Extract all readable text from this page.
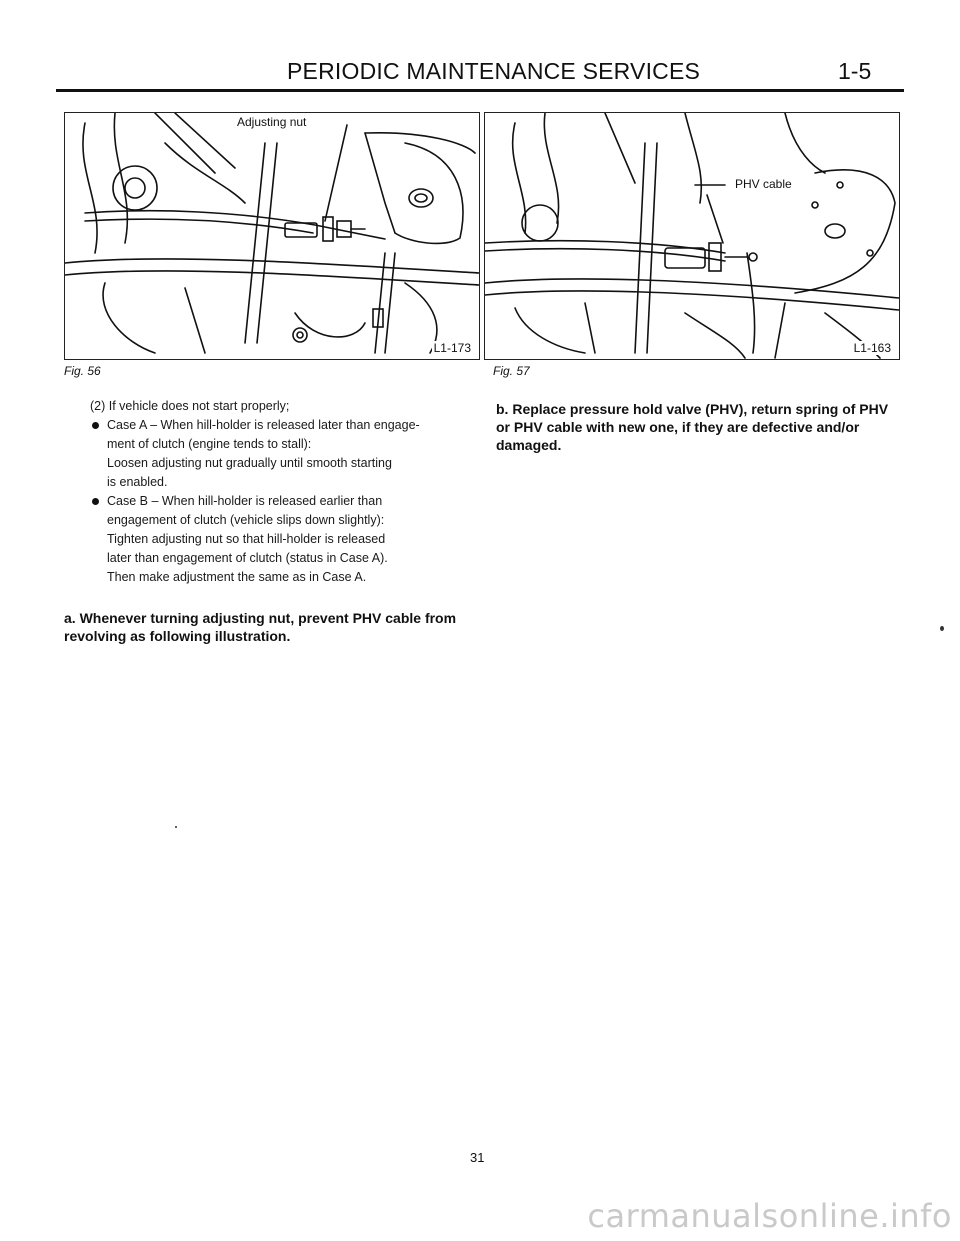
PERIODIC MAINTENANCE SERVICES	1-5
Adjusting nut
L1-173
Fig. 56
PHV cable
L1-163
Fig. 57

(2) If vehicle does not start properly;

Case A – When hill-holder is released later than engage-

ment of clutch (engine tends to stall):

Loosen adjusting nut gradually until smooth starting

is enabled.

Case B – When hill-holder is released earlier than

engagement of clutch (vehicle slips down slightly):

Tighten adjusting nut so that hill-holder is released

later than engagement of clutch (status in Case A).

Then make adjustment the same as in Case A.

a. Whenever turning adjusting nut, prevent PHV cable from
revolving as following illustration.
b. Replace pressure hold valve (PHV), return spring of PHV
or PHV cable with new one, if they are defective and/or
damaged.
31
carmanualsonline.info
